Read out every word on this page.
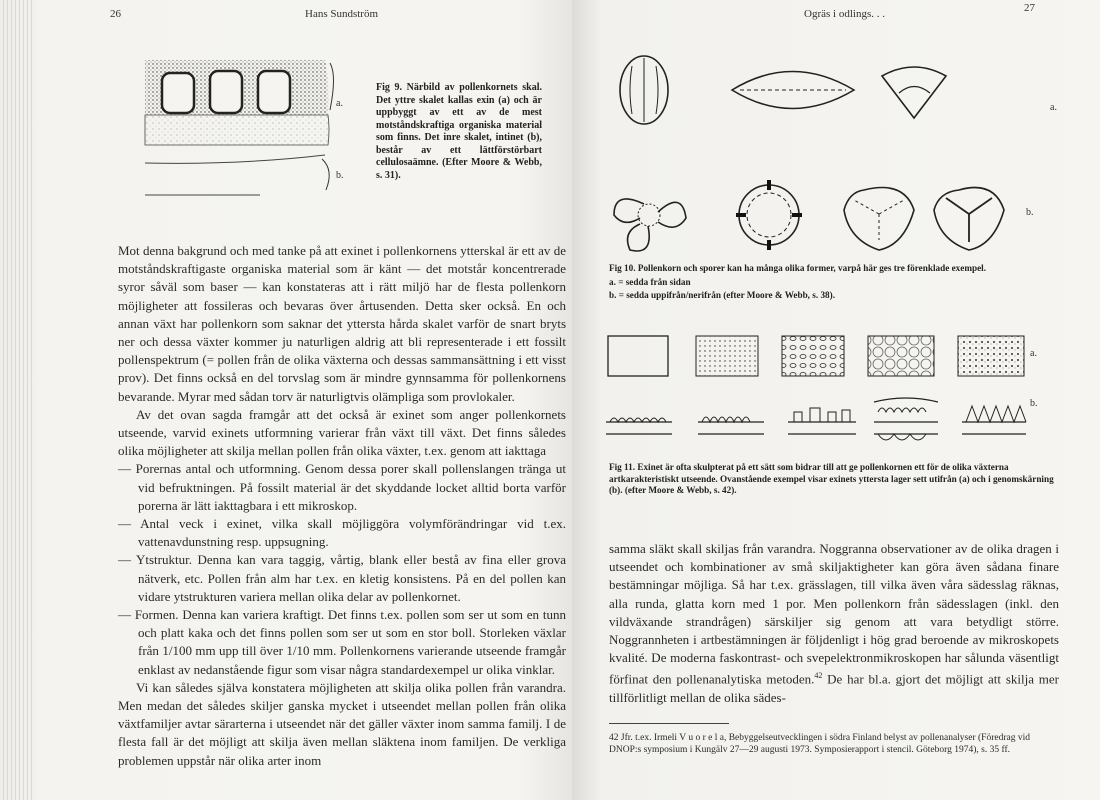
26	Hans Sundström
a.
b.
Fig 9. Närbild av pollenkornets skal. Det yttre skalet kallas exin (a) och är uppbyggt av ett av de mest motståndskraftiga organiska material som finns. Det inre skalet, intinet (b), består av ett lättförstörbart cellulosaämne. (Efter Moore & Webb, s. 31).

Mot denna bakgrund och med tanke på att exinet i pollenkornens ytterskal är ett av de motståndskraftigaste organiska material som är känt — det motstår koncentrerade syror såväl som baser — kan konstateras att i rätt miljö har de flesta pollenkorn möjligheter att fossileras och bevaras över årtusenden. Detta sker också. En och annan växt har pollenkorn som saknar det yttersta hårda skalet varför de snart bryts ner och dessa växter kommer ju naturligen aldrig att bli representerade i ett fossilt pollenspektrum (= pollen från de olika växterna och dessas sammansättning i ett visst prov). Det finns också en del torvslag som är mindre gynnsamma för pollenkornens bevarande. Myrar med sådan torv är naturligtvis olämpliga som provlokaler.

Av det ovan sagda framgår att det också är exinet som anger pollenkornets utseende, varvid exinets utformning varierar från växt till växt. Det finns således olika möjligheter att skilja mellan pollen från olika växter, t.ex. genom att iakttaga

— Porernas antal och utformning. Genom dessa porer skall pollenslangen tränga ut vid befruktningen. På fossilt material är det skyddande locket alltid borta varför porerna är lätt iakttagbara i ett mikroskop.

— Antal veck i exinet, vilka skall möjliggöra volymförändringar vid t.ex. vattenavdunstning resp. uppsugning.

— Ytstruktur. Denna kan vara taggig, vårtig, blank eller bestå av fina eller grova nätverk, etc. Pollen från alm har t.ex. en kletig konsistens. På en del pollen kan vidare ytstrukturen variera mellan olika delar av pollenkornet.

— Formen. Denna kan variera kraftigt. Det finns t.ex. pollen som ser ut som en tunn och platt kaka och det finns pollen som ser ut som en stor boll. Storleken växlar från 1/100 mm upp till över 1/10 mm. Pollenkornens varierande utseende framgår enklast av nedanstående figur som visar några standardexempel ur olika vinklar.

Vi kan således själva konstatera möjligheten att skilja olika pollen från varandra. Men medan det således skiljer ganska mycket i utseendet mellan pollen från olika växtfamiljer avtar särarterna i utseendet när det gäller växter inom samma familj. I de flesta fall är det möjligt att skilja även mellan släktena inom familjen. De verkliga problemen uppstår när olika arter inom

Ogräs i odlings. . .	27
a.
b.
Fig 10. Pollenkorn och sporer kan ha många olika former, varpå här ges tre förenklade exempel.
a. = sedda från sidan
b. = sedda uppifrån/nerifrån (efter Moore & Webb, s. 38).
a.
b.
Fig 11. Exinet är ofta skulpterat på ett sätt som bidrar till att ge pollenkornen ett för de olika växterna artkarakteristiskt utseende. Ovanstående exempel visar exinets yttersta lager sett utifrån (a) och i genomskärning (b). (efter Moore & Webb, s. 42).

samma släkt skall skiljas från varandra. Noggranna observationer av de olika dragen i utseendet och kombinationer av små skiljaktigheter kan göra även sådana finare bestämningar möjliga. Så har t.ex. grässlagen, till vilka även våra sädesslag räknas, alla runda, glatta korn med 1 por. Men pollenkorn från sädesslagen (inkl. den vildväxande strandrågen) särskiljer sig genom att vara betydligt större. Noggrannheten i artbestämningen är följdenligt i hög grad beroende av mikroskopets kvalité. De moderna faskontrast- och svepelektronmikroskopen har sålunda väsentligt förfinat den pollenanalytiska metoden.$^{42}$ De har bl.a. gjort det möjligt att skilja mer tillförlitligt mellan de olika sädes-

42 Jfr. t.ex. Irmeli V u o r e l a, Bebyggelseutvecklingen i södra Finland belyst av pollenanalyser (Föredrag vid DNOP:s symposium i Kungälv 27—29 augusti 1973. Symposierapport i stencil. Göteborg 1974), s. 35 ff.
